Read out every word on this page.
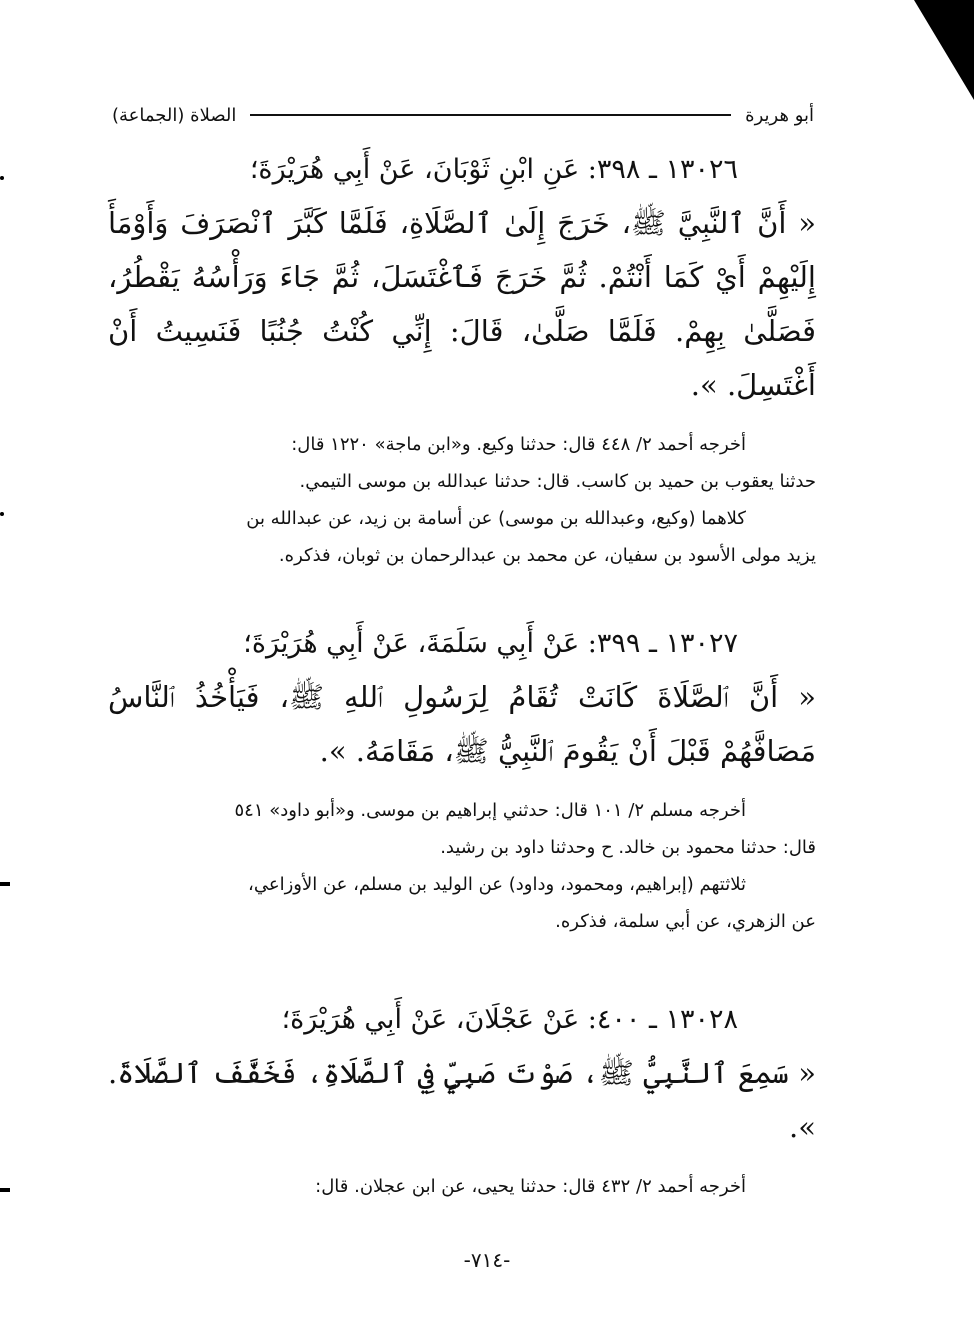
الصلاة (الجماعة)	أبو هريرة

١٣٠٢٦ ـ ٣٩٨: عَنِ ابْنِ ثَوْبَانَ، عَنْ أَبِي هُرَيْرَةَ؛

« أَنَّ ٱلنَّبِيَّ ﷺ، خَرَجَ إِلَىٰ ٱلصَّلَاةِ، فَلَمَّا كَبَّرَ ٱنْصَرَفَ وَأَوْمَأَ إِلَيْهِمْ أَيْ كَمَا أَنْتُمْ. ثُمَّ خَرَجَ فَٱغْتَسَلَ، ثُمَّ جَاءَ وَرَأْسُهُ يَقْطُرُ، فَصَلَّىٰ بِهِمْ. فَلَمَّا صَلَّىٰ، قَالَ: إِنِّي كُنْتُ جُنُبًا فَنَسِيتُ أَنْ أَغْتَسِلَ. ».

أخرجه أحمد ٢/ ٤٤٨ قال: حدثنا وكيع. و«ابن ماجة» ١٢٢٠ قال:

حدثنا يعقوب بن حميد بن كاسب. قال: حدثنا عبدالله بن موسى التيمي.

كلاهما (وكيع، وعبدالله بن موسى) عن أسامة بن زيد، عن عبدالله بن

يزيد مولى الأسود بن سفيان، عن محمد بن عبدالرحمان بن ثوبان، فذكره.

١٣٠٢٧ ـ ٣٩٩: عَنْ أَبِي سَلَمَةَ، عَنْ أَبِي هُرَيْرَةَ؛

« أَنَّ ٱلصَّلَاةَ كَانَتْ تُقَامُ لِرَسُولِ ٱللهِ ﷺ، فَيَأْخُذُ ٱلنَّاسُ مَصَافَّهُمْ قَبْلَ أَنْ يَقُومَ ٱلنَّبِيُّ ﷺ، مَقَامَهُ. ».

أخرجه مسلم ٢/ ١٠١ قال: حدثني إبراهيم بن موسى. و«أبو داود» ٥٤١

قال: حدثنا محمود بن خالد. ح وحدثنا داود بن رشيد.

ثلاثتهم (إبراهيم، ومحمود، وداود) عن الوليد بن مسلم، عن الأوزاعي،

عن الزهري، عن أبي سلمة، فذكره.

١٣٠٢٨ ـ ٤٠٠: عَنْ عَجْلَانَ، عَنْ أَبِي هُرَيْرَةَ؛

« سَمِعَ ٱلنَّبِيُّ ﷺ، صَوْتَ صَبِيٍّ فِي ٱلصَّلَاةِ، فَخَفَّفَ ٱلصَّلَاةَ. ».

أخرجه أحمد ٢/ ٤٣٢ قال: حدثنا يحيى، عن ابن عجلان. قال:

-٧١٤-
